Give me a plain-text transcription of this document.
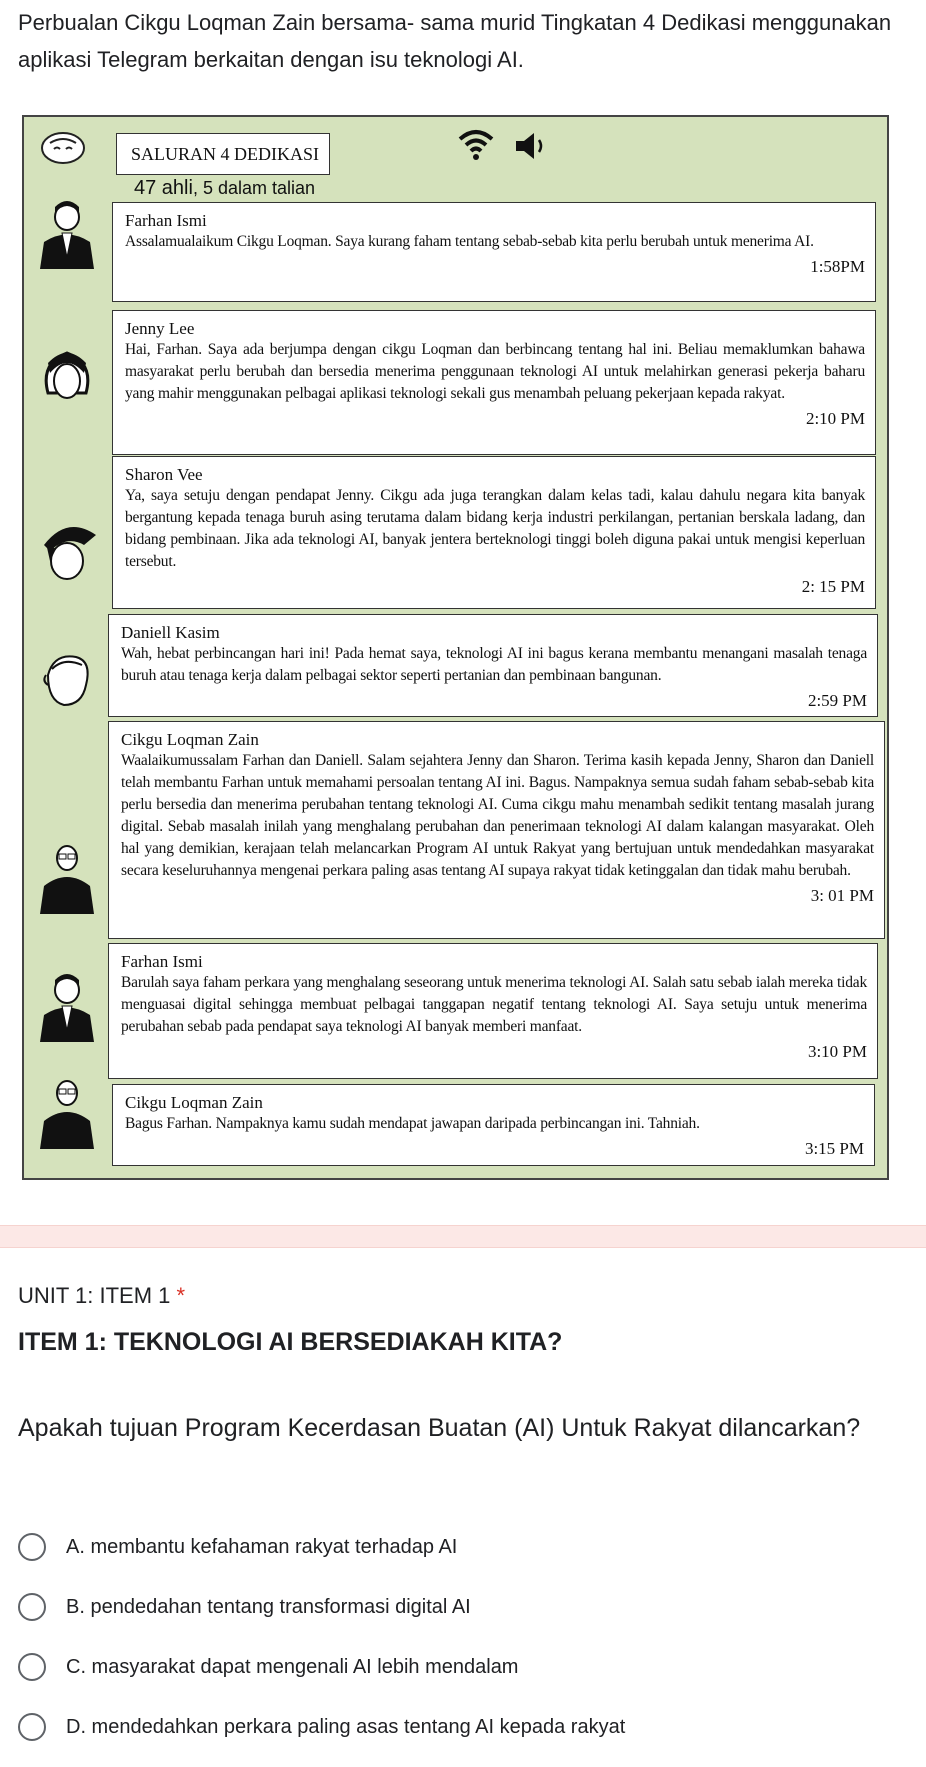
Perbualan Cikgu Loqman Zain bersama- sama murid Tingkatan 4 Dedikasi menggunakan aplikasi Telegram berkaitan dengan isu teknologi AI.
SALURAN 4 DEDIKASI
47 ahli, 5 dalam talian
Farhan Ismi
Assalamualaikum Cikgu Loqman. Saya kurang faham tentang sebab-sebab kita perlu berubah untuk menerima AI.
1:58PM
Jenny Lee
Hai, Farhan. Saya ada berjumpa dengan cikgu Loqman dan berbincang tentang hal ini. Beliau memaklumkan bahawa masyarakat perlu berubah dan bersedia menerima penggunaan teknologi AI untuk melahirkan generasi pekerja baharu yang mahir menggunakan pelbagai aplikasi teknologi sekali gus menambah peluang pekerjaan kepada rakyat.
2:10 PM
Sharon Vee
Ya, saya setuju dengan pendapat Jenny. Cikgu ada juga terangkan dalam kelas tadi, kalau dahulu negara kita banyak bergantung kepada tenaga buruh asing terutama dalam bidang kerja industri perkilangan, pertanian berskala ladang, dan bidang pembinaan. Jika ada teknologi AI, banyak jentera berteknologi tinggi boleh diguna pakai untuk mengisi keperluan tersebut.
2: 15 PM
Daniell Kasim
Wah, hebat perbincangan hari ini! Pada hemat saya, teknologi AI ini bagus kerana membantu menangani masalah tenaga buruh atau tenaga kerja dalam pelbagai sektor seperti pertanian dan pembinaan bangunan.
2:59 PM
Cikgu Loqman Zain
Waalaikumussalam Farhan dan Daniell. Salam sejahtera Jenny dan Sharon. Terima kasih kepada Jenny, Sharon dan Daniell telah membantu Farhan untuk memahami persoalan tentang AI ini. Bagus. Nampaknya semua sudah faham sebab-sebab kita perlu bersedia dan menerima perubahan tentang teknologi AI. Cuma cikgu mahu menambah sedikit tentang masalah jurang digital. Sebab masalah inilah yang menghalang perubahan dan penerimaan teknologi AI dalam kalangan masyarakat. Oleh hal yang demikian, kerajaan telah melancarkan Program AI untuk Rakyat yang bertujuan untuk mendedahkan masyarakat secara keseluruhannya mengenai perkara paling asas tentang AI supaya rakyat tidak ketinggalan dan tidak mahu berubah.
3: 01 PM
Farhan Ismi
Barulah saya faham perkara yang menghalang seseorang untuk menerima teknologi AI. Salah satu sebab ialah mereka tidak menguasai digital sehingga membuat pelbagai tanggapan negatif tentang teknologi AI. Saya setuju untuk menerima perubahan sebab pada pendapat saya teknologi AI banyak memberi manfaat.
3:10 PM
Cikgu Loqman Zain
Bagus Farhan. Nampaknya kamu sudah mendapat jawapan daripada perbincangan ini. Tahniah.
3:15 PM
UNIT 1: ITEM 1 *
ITEM 1: TEKNOLOGI AI BERSEDIAKAH KITA?
Apakah tujuan Program Kecerdasan Buatan (AI) Untuk Rakyat dilancarkan?
A. membantu kefahaman rakyat terhadap AI
B. pendedahan tentang transformasi digital AI
C. masyarakat dapat mengenali AI lebih mendalam
D. mendedahkan perkara paling asas tentang AI kepada rakyat
